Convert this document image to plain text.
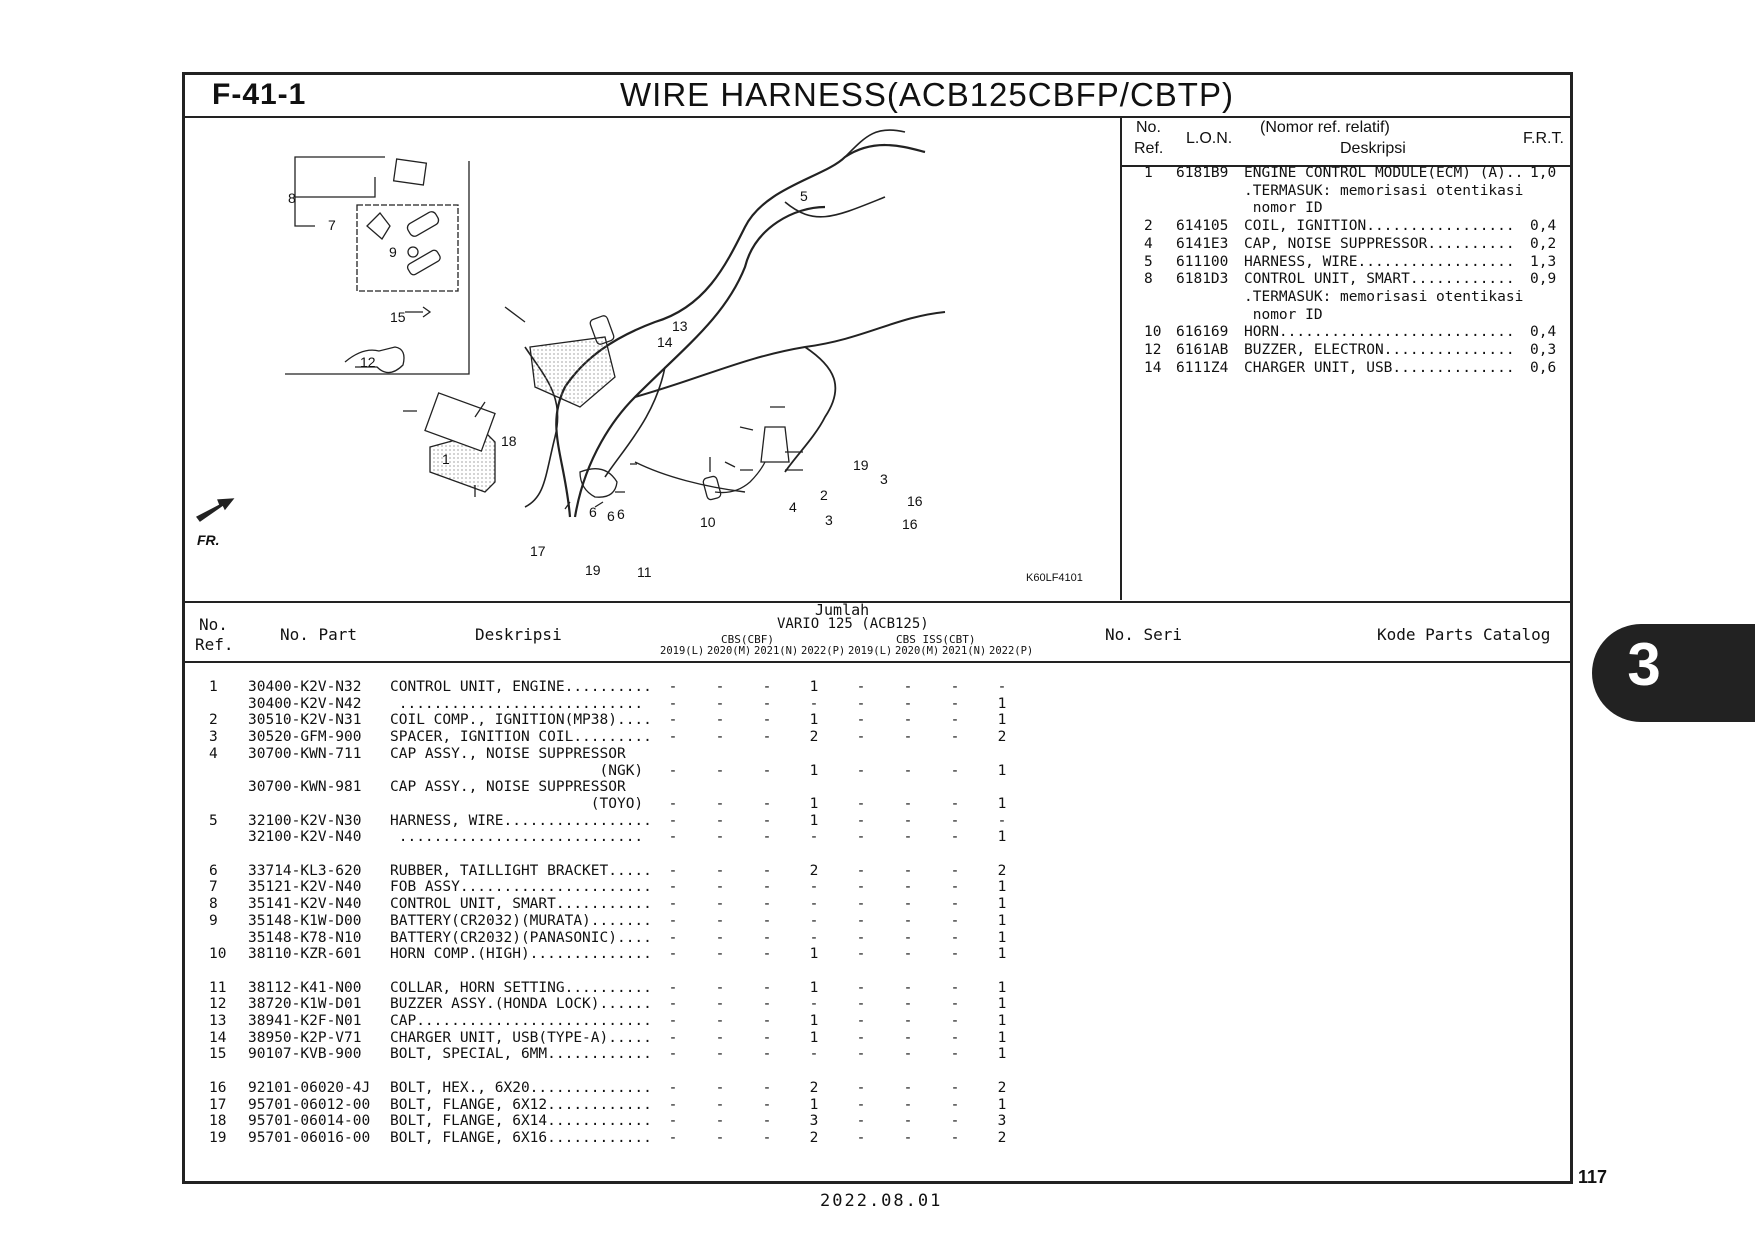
F-41-1	WIRE HARNESS(ACB125CBFP/CBTP)
8
7
9
15
12
5
13
14
18
1
6 6
6
10
11
19
17
19
3
2	16
3	16
4
FR.
K60LF4101
No.
Ref.
L.O.N.
(Nomor ref. relatif)
Deskripsi
F.R.T.
1 6181B9 ENGINE CONTROL MODULE(ECM) (A).. 1,0
.TERMASUK: memorisasi otentikasi
nomor ID
2 614105 COIL, IGNITION................. 0,4
4 6141E3 CAP, NOISE SUPPRESSOR.......... 0,2
5 611100 HARNESS, WIRE.................. 1,3
8 6181D3 CONTROL UNIT, SMART............ 0,9
.TERMASUK: memorisasi otentikasi
nomor ID
10 616169 HORN........................... 0,4
12 6161AB BUZZER, ELECTRON............... 0,3
14 6111Z4 CHARGER UNIT, USB.............. 0,6
No.
Ref.
No. Part	Deskripsi
Jumlah
VARIO 125 (ACB125)
CBS(CBF)	CBS ISS(CBT)
2019(L) 2020(M) 2021(N) 2022(P) 2019(L) 2020(M) 2021(N) 2022(P)
No. Seri	Kode Parts Catalog
1 30400-K2V-N32 CONTROL UNIT, ENGINE..........	-	-	-	1	-	-	-	-
30400-K2V-N42 ............................	-	-	-	-	-	-	-	1
2 30510-K2V-N31 COIL COMP., IGNITION(MP38)....	-	-	-	1	-	-	-	1
3 30520-GFM-900 SPACER, IGNITION COIL.........	-	-	-	2	-	-	-	2
4 30700-KWN-711 CAP ASSY., NOISE SUPPRESSOR
(NGK)	-	-	-	1	-	-	-	1
30700-KWN-981 CAP ASSY., NOISE SUPPRESSOR
(TOYO)	-	-	-	1	-	-	-	1
5 32100-K2V-N30 HARNESS, WIRE.................	-	-	-	1	-	-	-	-
32100-K2V-N40 ............................	-	-	-	-	-	-	-	1
6 33714-KL3-620 RUBBER, TAILLIGHT BRACKET.....	-	-	-	2	-	-	-	2
7 35121-K2V-N40 FOB ASSY......................	-	-	-	-	-	-	-	1
8 35141-K2V-N40 CONTROL UNIT, SMART...........	-	-	-	-	-	-	-	1
9 35148-K1W-D00 BATTERY(CR2032)(MURATA).......	-	-	-	-	-	-	-	1
35148-K78-N10 BATTERY(CR2032)(PANASONIC)....	-	-	-	-	-	-	-	1
10 38110-KZR-601 HORN COMP.(HIGH)..............	-	-	-	1	-	-	-	1
11 38112-K41-N00 COLLAR, HORN SETTING..........	-	-	-	1	-	-	-	1
12 38720-K1W-D01 BUZZER ASSY.(HONDA LOCK)......	-	-	-	-	-	-	-	1
13 38941-K2F-N01 CAP...........................	-	-	-	1	-	-	-	1
14 38950-K2P-V71 CHARGER UNIT, USB(TYPE-A).....	-	-	-	1	-	-	-	1
15 90107-KVB-900 BOLT, SPECIAL, 6MM............	-	-	-	-	-	-	-	1
16 92101-06020-4J BOLT, HEX., 6X20..............	-	-	-	2	-	-	-	2
17 95701-06012-00 BOLT, FLANGE, 6X12............	-	-	-	1	-	-	-	1
18 95701-06014-00 BOLT, FLANGE, 6X14............	-	-	-	3	-	-	-	3
19 95701-06016-00 BOLT, FLANGE, 6X16............	-	-	-	2	-	-	-	2
3
117
2022.08.01
